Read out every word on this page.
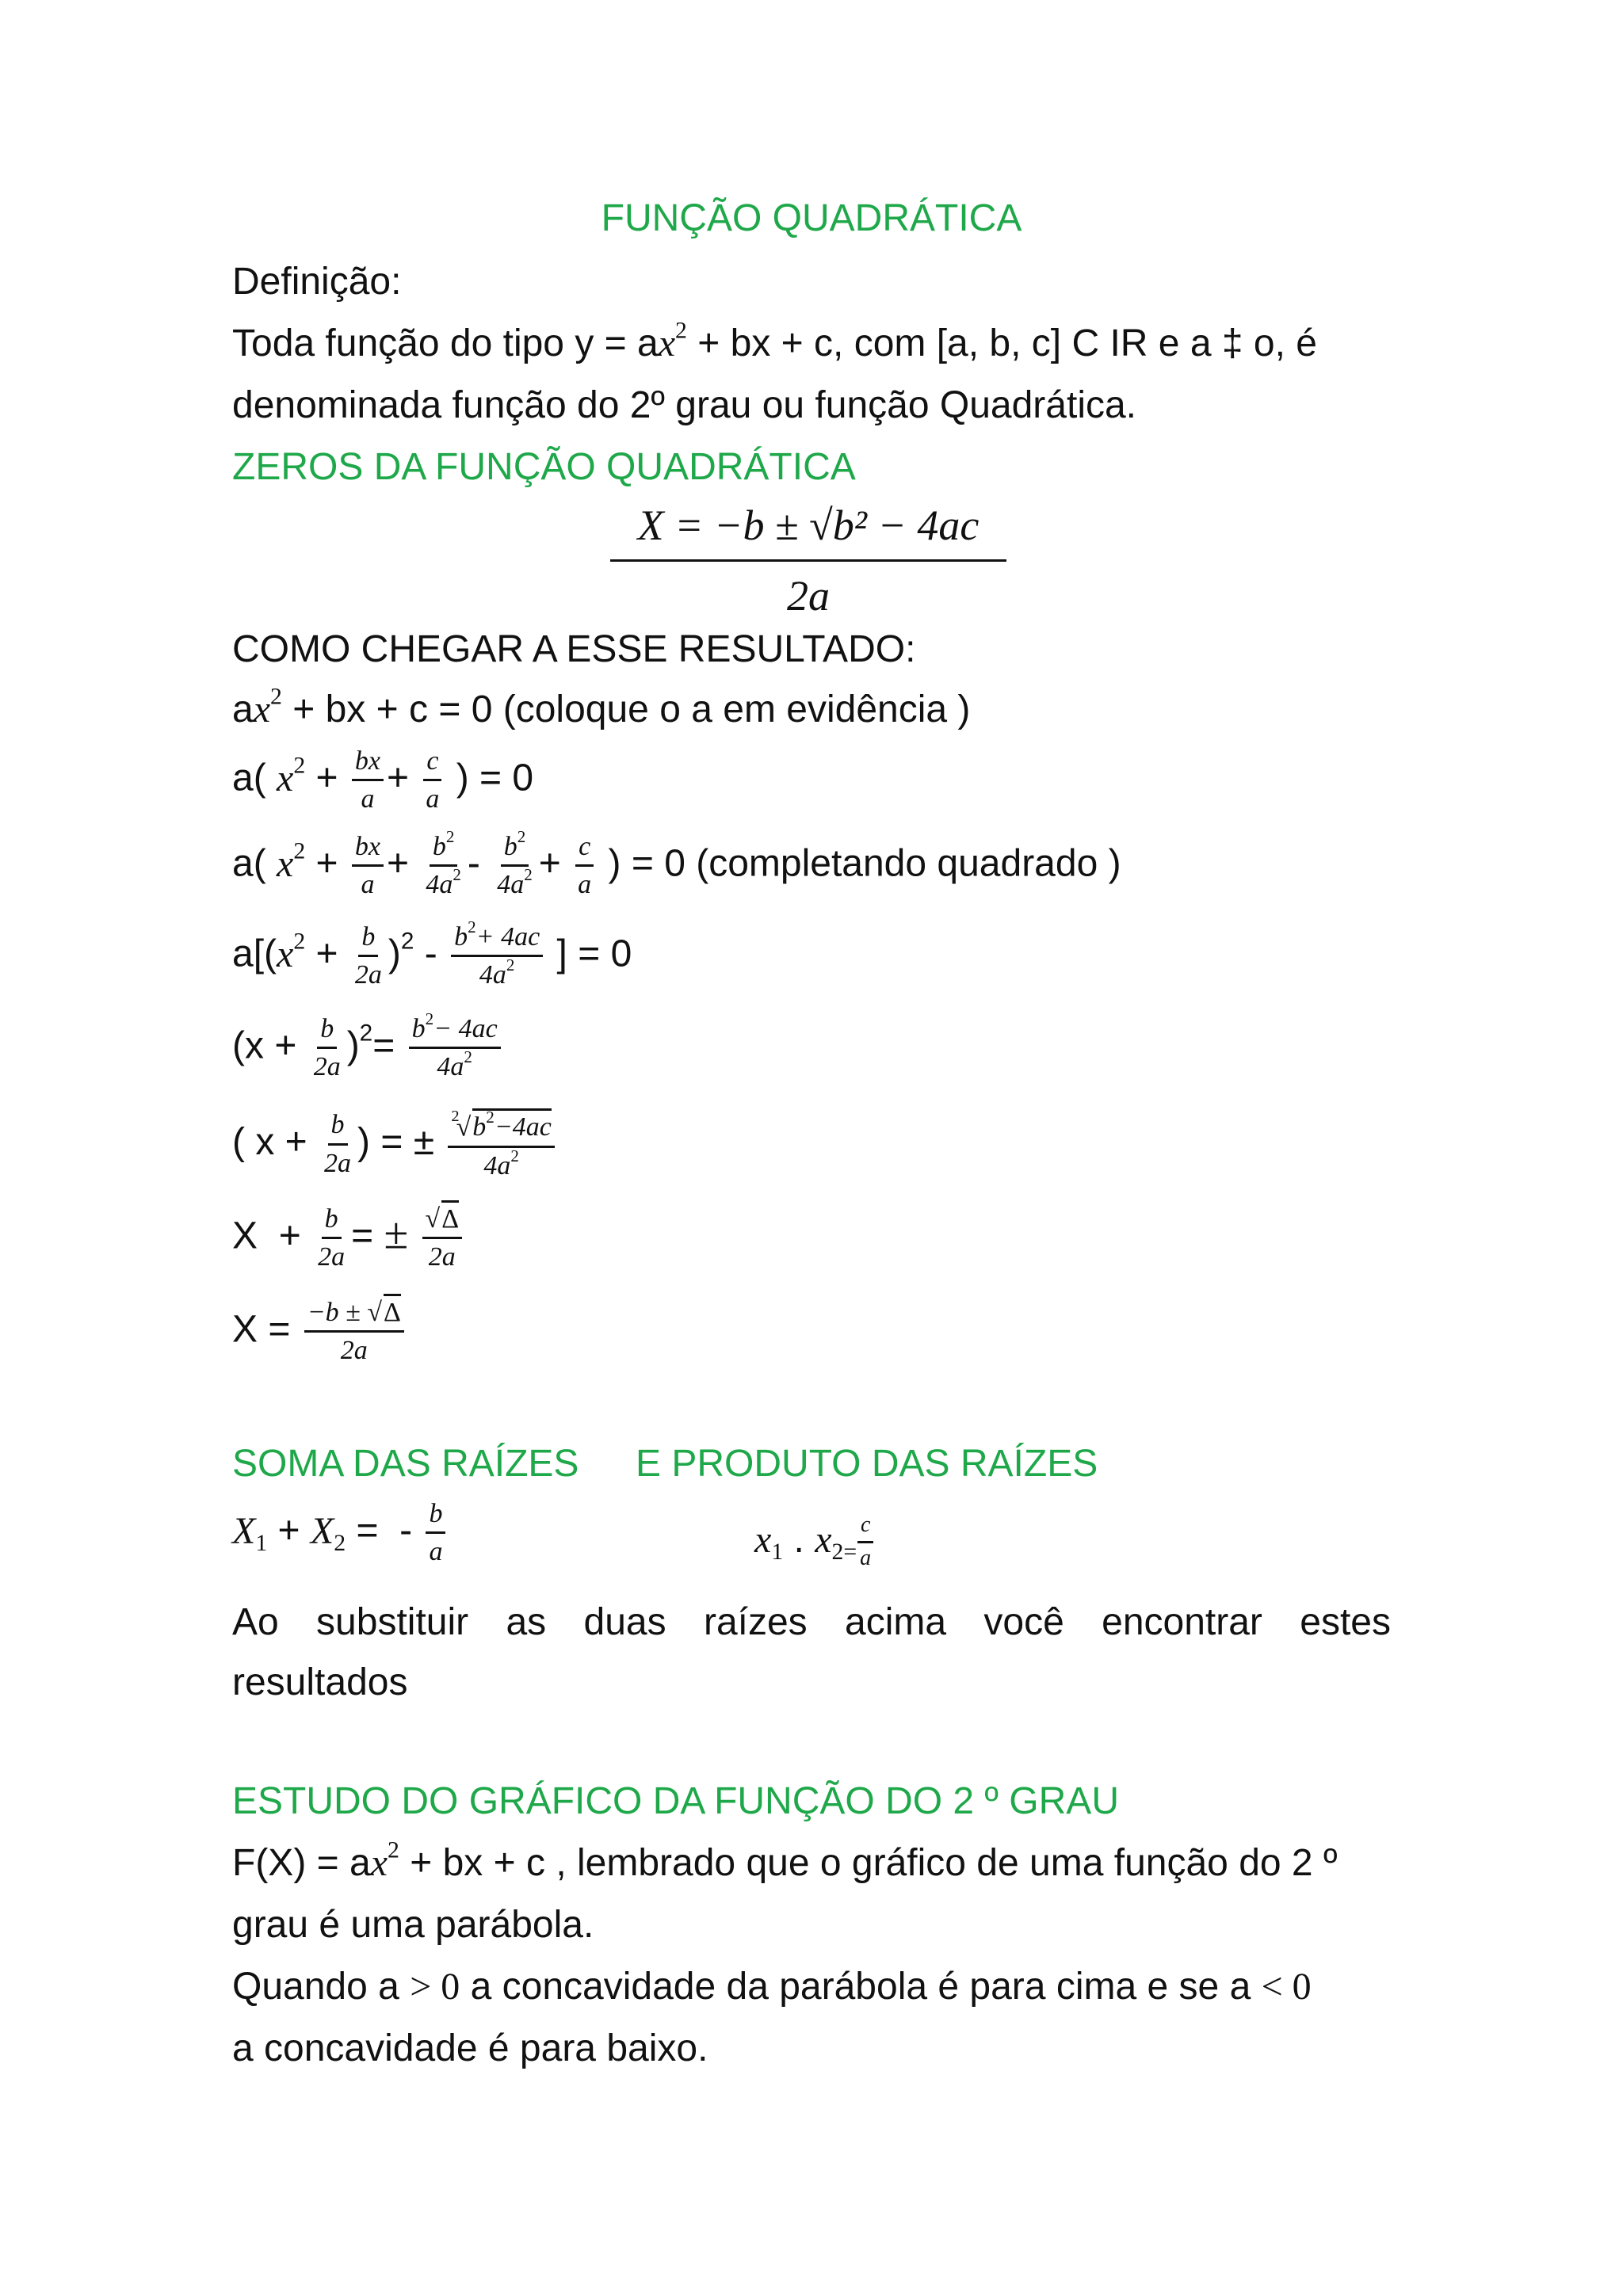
FUNÇÃO QUADRÁTICA
Definição:
Toda função do tipo $y = ax^2$ + bx + c, com [a, b, c] C IR e a ‡ o, é
denominada função do 2º grau ou função Quadrática.
ZEROS DA FUNÇÃO QUADRÁTICA
$\frac{\text{X = −b ± √b² − 4ac}}{2a}$
COMO CHEGAR A ESSE RESULTADO:
$ax^2$ + bx + c = 0 (coloque o a em evidência )
a( $x^2 + \frac{bx}{a} + \frac{c}{a}$ ) = 0
a( $x^2 + \frac{bx}{a} + \frac{b^2}{4a^2} - \frac{b^2}{4a^2} + \frac{c}{a}$ ) = 0 (completando quadrado )
$a[(x^2 + \frac{b}{2a} )^2 - \frac{b^2+ 4ac}{4a^2}$ ] = 0
$(x + \frac{b}{2a} )^2= \frac{b^2- 4ac}{4a^2}$
( $x + \frac{b}{2a}$ ) = ± $\frac{^2√b^2-4ac}{4a^2}$
$X + \frac{b}{2a}$ = ± $\frac{√\Delta}{2a}$
$X = \frac{-b \pm √\Delta}{2a}$
SOMA DAS RAÍZES E PRODUTO DAS RAÍZES
$X_1 + X_2$ =  - $\frac{b}{a}$	$x_1$ . $x_{2=} \frac{c}{a}$
Ao substituir as duas raízes acima você encontrar estes
resultados
ESTUDO DO GRÁFICO DA FUNÇÃO DO 2 º GRAU
$F(X) = ax^2$ + bx + c , lembrado que o gráfico de uma função do 2 º
grau é uma parábola.
Quando a > 0 a concavidade da parábola é para cima e se a < 0
a concavidade é para baixo.
